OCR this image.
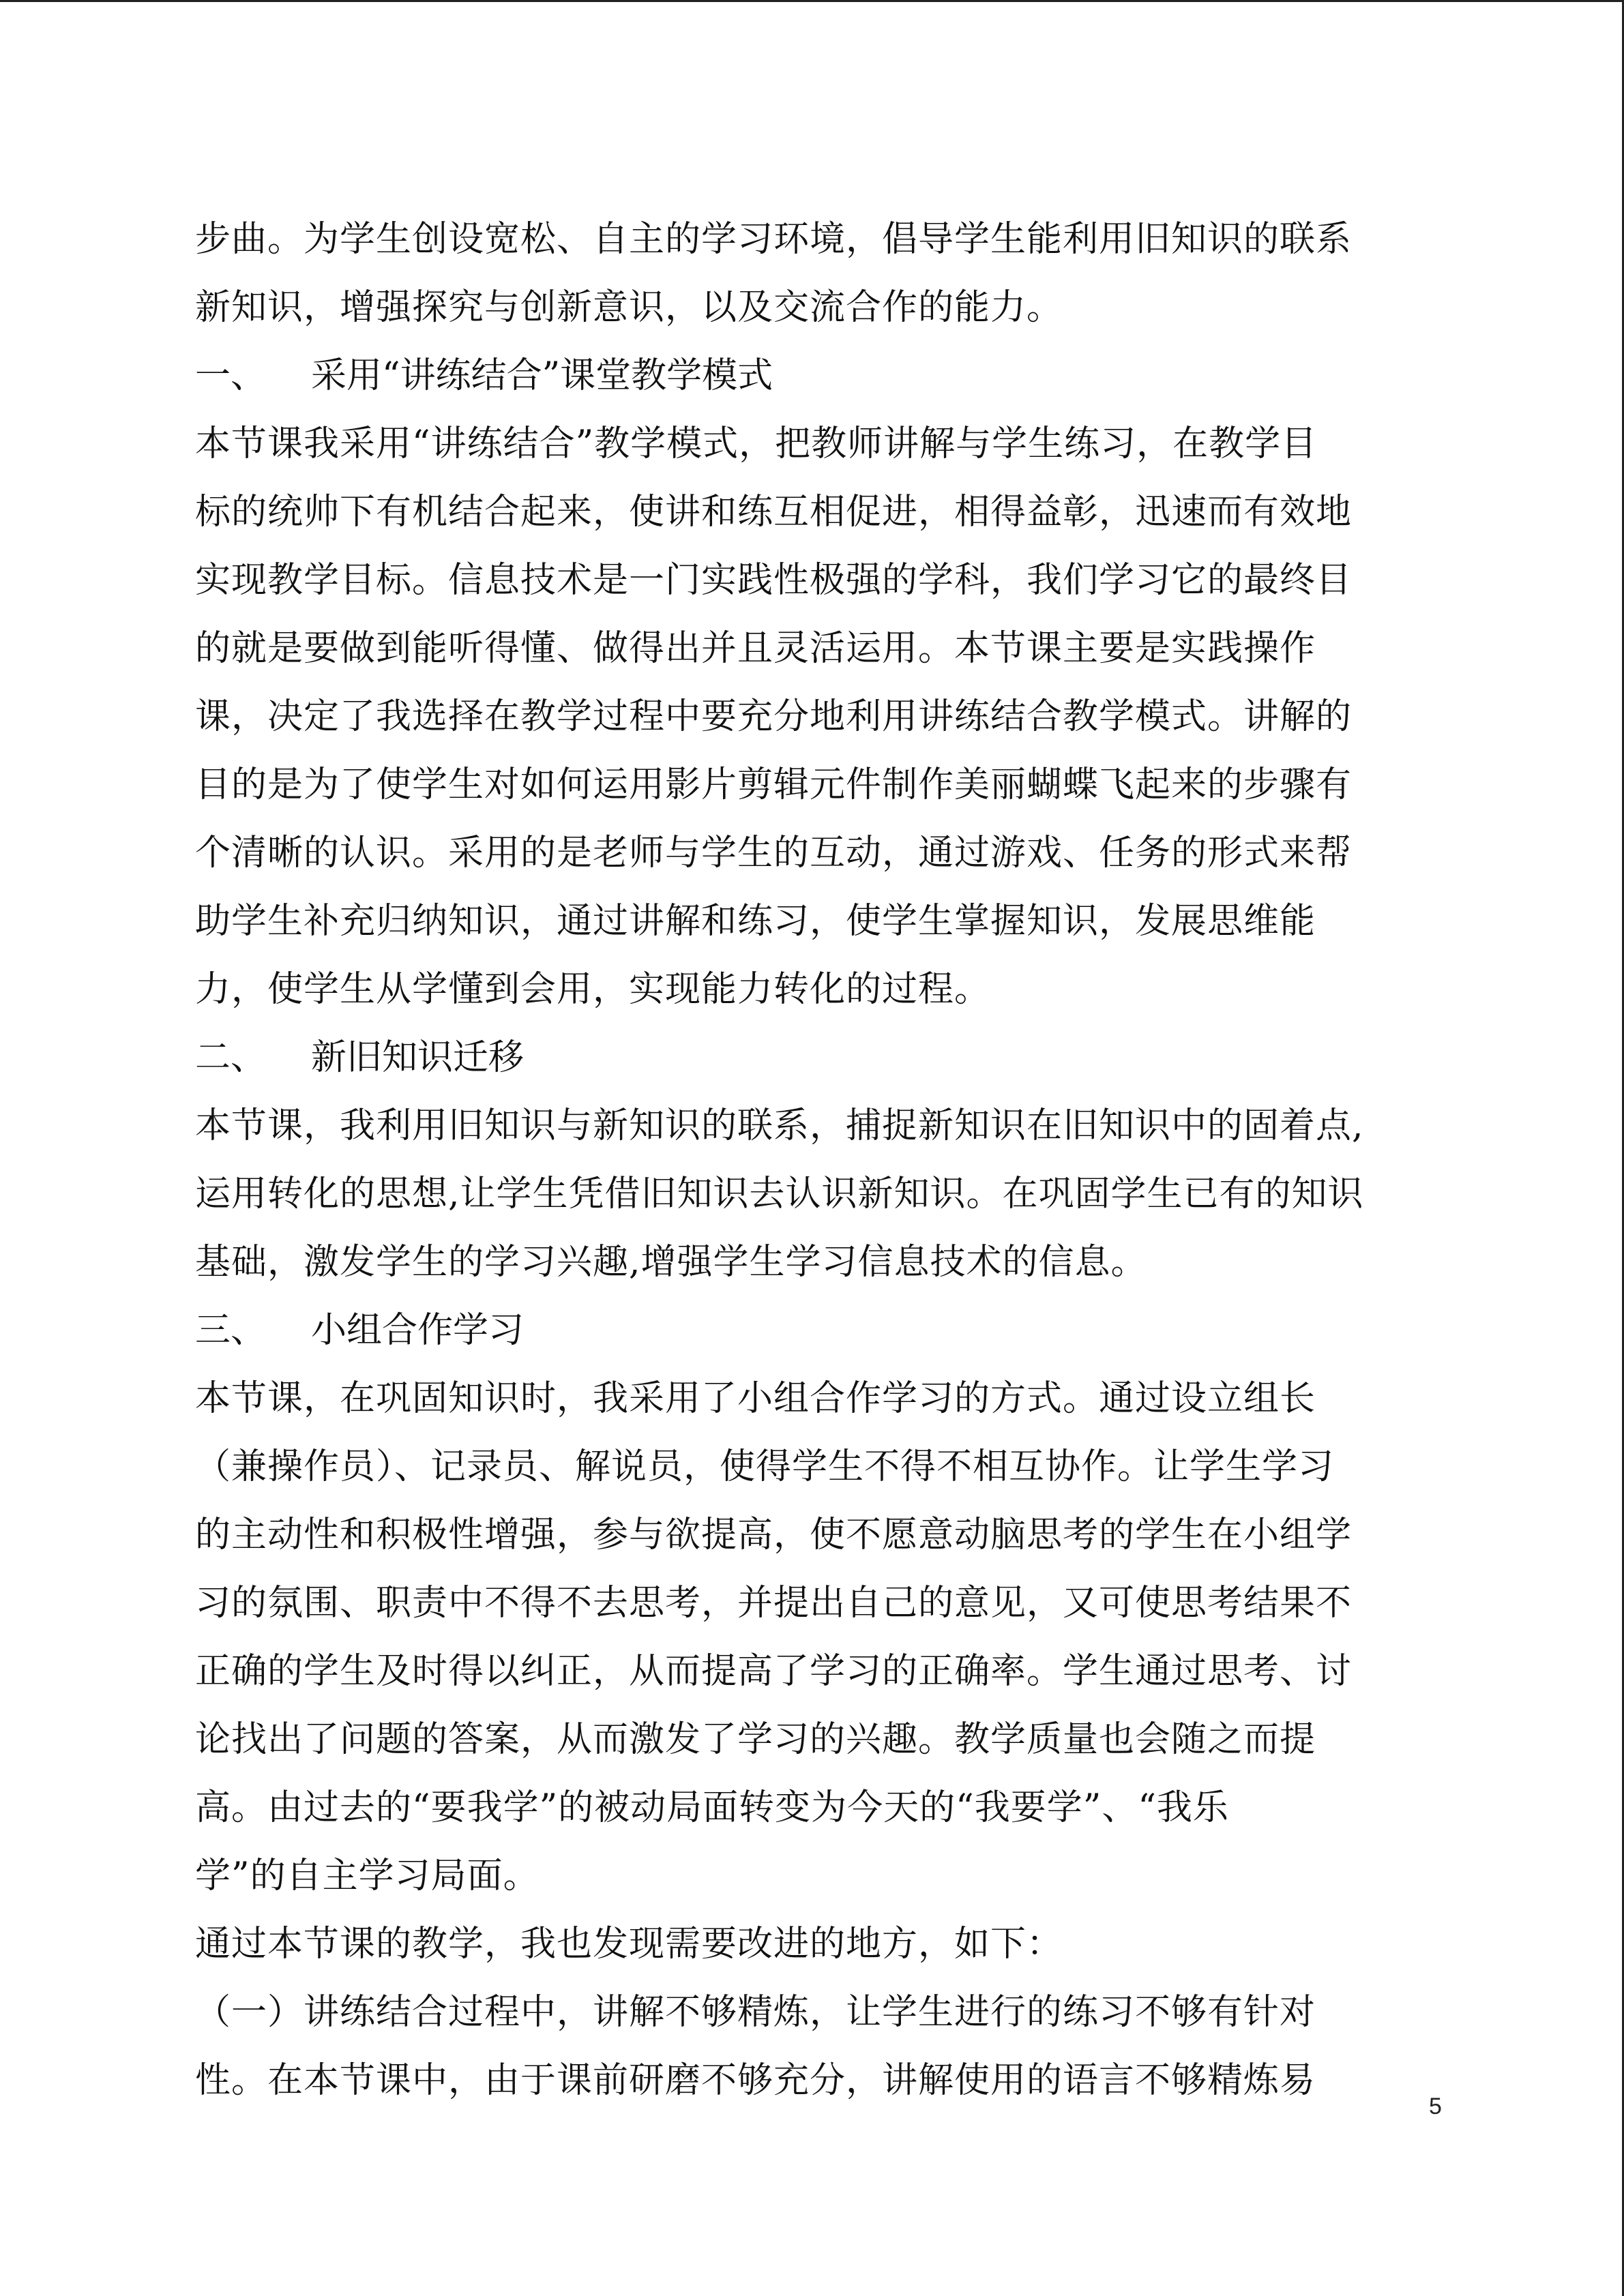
步曲。为学生创设宽松、自主的学习环境，倡导学生能利用旧知识的联系
新知识，增强探究与创新意识，以及交流合作的能力。
一、 采用“讲练结合”课堂教学模式
本节课我采用“讲练结合”教学模式，把教师讲解与学生练习，在教学目
标的统帅下有机结合起来，使讲和练互相促进，相得益彰，迅速而有效地
实现教学目标。信息技术是一门实践性极强的学科，我们学习它的最终目
的就是要做到能听得懂、做得出并且灵活运用。本节课主要是实践操作
课，决定了我选择在教学过程中要充分地利用讲练结合教学模式。讲解的
目的是为了使学生对如何运用影片剪辑元件制作美丽蝴蝶飞起来的步骤有
个清晰的认识。采用的是老师与学生的互动，通过游戏、任务的形式来帮
助学生补充归纳知识，通过讲解和练习，使学生掌握知识，发展思维能
力，使学生从学懂到会用，实现能力转化的过程。
二、 新旧知识迁移
本节课，我利用旧知识与新知识的联系，捕捉新知识在旧知识中的固着点,
运用转化的思想,让学生凭借旧知识去认识新知识。在巩固学生已有的知识
基础，激发学生的学习兴趣,增强学生学习信息技术的信息。
三、 小组合作学习
本节课，在巩固知识时，我采用了小组合作学习的方式。通过设立组长
（兼操作员）、记录员、解说员，使得学生不得不相互协作。让学生学习
的主动性和积极性增强，参与欲提高，使不愿意动脑思考的学生在小组学
习的氛围、职责中不得不去思考，并提出自己的意见，又可使思考结果不
正确的学生及时得以纠正，从而提高了学习的正确率。学生通过思考、讨
论找出了问题的答案，从而激发了学习的兴趣。教学质量也会随之而提
高。由过去的“要我学”的被动局面转变为今天的“我要学”、“我乐
学”的自主学习局面。
通过本节课的教学，我也发现需要改进的地方，如下：
（一）讲练结合过程中，讲解不够精炼，让学生进行的练习不够有针对
性。在本节课中，由于课前研磨不够充分，讲解使用的语言不够精炼易
5
